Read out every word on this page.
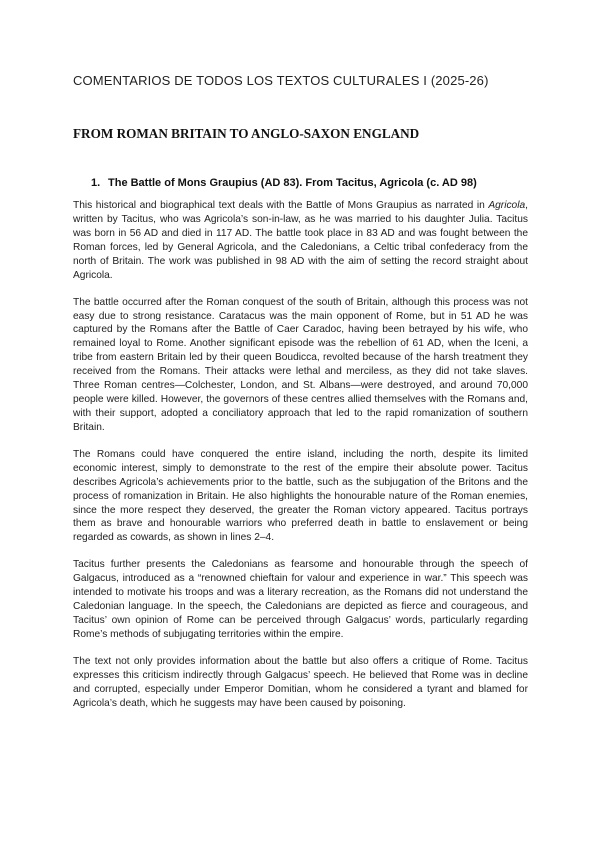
COMENTARIOS DE TODOS LOS TEXTOS CULTURALES I (2025-26)
FROM ROMAN BRITAIN TO ANGLO-SAXON ENGLAND
1. The Battle of Mons Graupius (AD 83). From Tacitus, Agricola (c. AD 98)

This historical and biographical text deals with the Battle of Mons Graupius as narrated in Agricola, written by Tacitus, who was Agricola’s son-in-law, as he was married to his daughter Julia. Tacitus was born in 56 AD and died in 117 AD. The battle took place in 83 AD and was fought between the Roman forces, led by General Agricola, and the Caledonians, a Celtic tribal confederacy from the north of Britain. The work was published in 98 AD with the aim of setting the record straight about Agricola.

The battle occurred after the Roman conquest of the south of Britain, although this process was not easy due to strong resistance. Caratacus was the main opponent of Rome, but in 51 AD he was captured by the Romans after the Battle of Caer Caradoc, having been betrayed by his wife, who remained loyal to Rome. Another significant episode was the rebellion of 61 AD, when the Iceni, a tribe from eastern Britain led by their queen Boudicca, revolted because of the harsh treatment they received from the Romans. Their attacks were lethal and merciless, as they did not take slaves. Three Roman centres—Colchester, London, and St. Albans—were destroyed, and around 70,000 people were killed. However, the governors of these centres allied themselves with the Romans and, with their support, adopted a conciliatory approach that led to the rapid romanization of southern Britain.

The Romans could have conquered the entire island, including the north, despite its limited economic interest, simply to demonstrate to the rest of the empire their absolute power. Tacitus describes Agricola’s achievements prior to the battle, such as the subjugation of the Britons and the process of romanization in Britain. He also highlights the honourable nature of the Roman enemies, since the more respect they deserved, the greater the Roman victory appeared. Tacitus portrays them as brave and honourable warriors who preferred death in battle to enslavement or being regarded as cowards, as shown in lines 2–4.

Tacitus further presents the Caledonians as fearsome and honourable through the speech of Galgacus, introduced as a “renowned chieftain for valour and experience in war.” This speech was intended to motivate his troops and was a literary recreation, as the Romans did not understand the Caledonian language. In the speech, the Caledonians are depicted as fierce and courageous, and Tacitus’ own opinion of Rome can be perceived through Galgacus’ words, particularly regarding Rome’s methods of subjugating territories within the empire.

The text not only provides information about the battle but also offers a critique of Rome. Tacitus expresses this criticism indirectly through Galgacus’ speech. He believed that Rome was in decline and corrupted, especially under Emperor Domitian, whom he considered a tyrant and blamed for Agricola’s death, which he suggests may have been caused by poisoning.
